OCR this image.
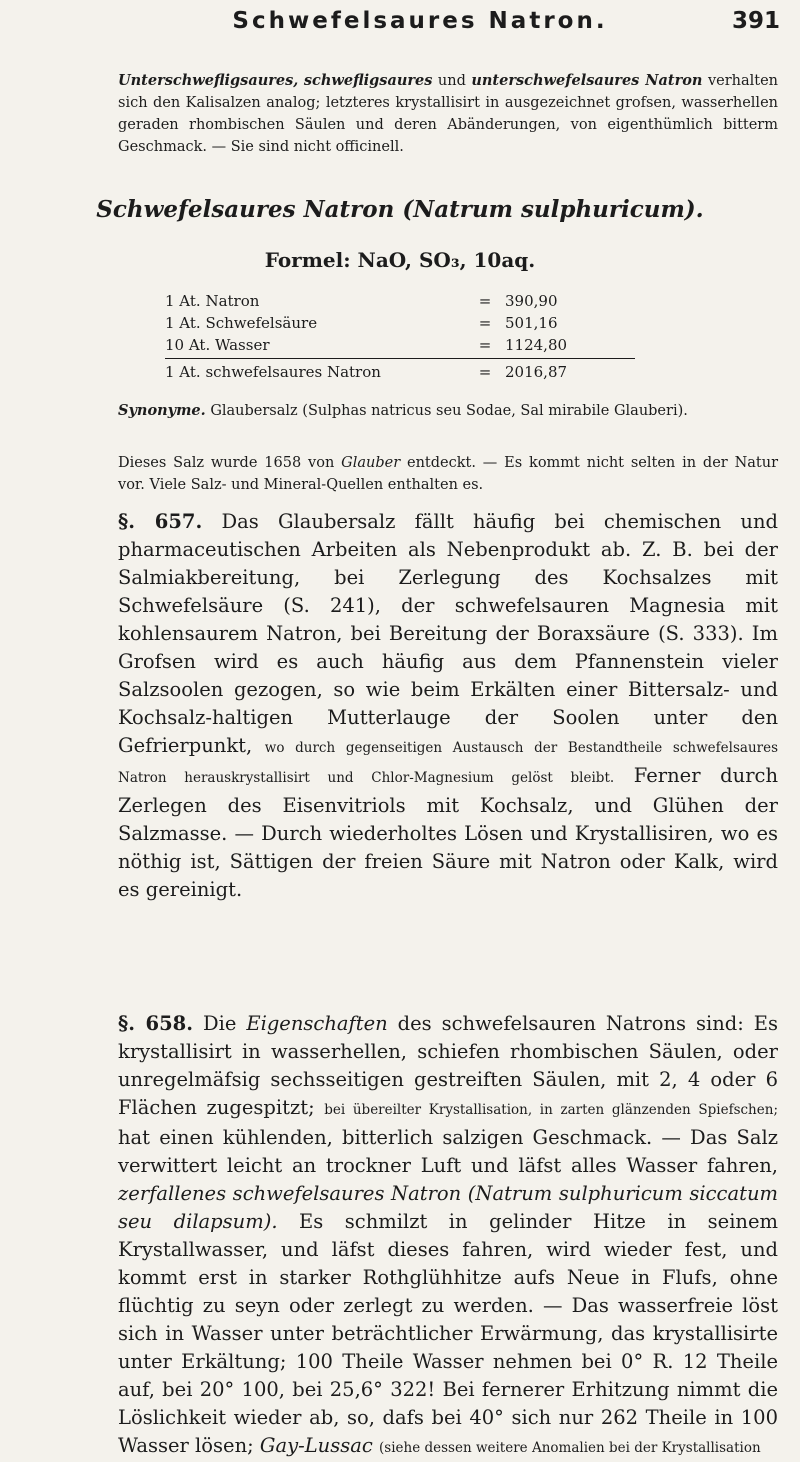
Schwefelsaures Natron.	391
Unterschwefligsaures, schwefligsaures und unterschwefelsaures Natron verhalten sich den Kalisalzen analog; letzteres krystallisirt in ausgezeichnet grofsen, wasserhellen geraden rhombischen Säulen und deren Abänderungen, von eigenthümlich bitterm Geschmack. — Sie sind nicht officinell.
Schwefelsaures Natron (Natrum sulphuricum).
Formel: NaO, SO₃, 10aq.
1 At. Natron	= 390,90
1 At. Schwefelsäure	= 501,16
10 At. Wasser	= 1124,80
1 At. schwefelsaures Natron	= 2016,87
Synonyme. Glaubersalz (Sulphas natricus seu Sodae, Sal mirabile Glauberi).
Dieses Salz wurde 1658 von Glauber entdeckt. — Es kommt nicht selten in der Natur vor. Viele Salz- und Mineral-Quellen enthalten es.
§. 657. Das Glaubersalz fällt häufig bei chemischen und pharmaceutischen Arbeiten als Nebenprodukt ab. Z. B. bei der Salmiakbereitung, bei Zerlegung des Kochsalzes mit Schwefelsäure (S. 241), der schwefelsauren Magnesia mit kohlensaurem Natron, bei Bereitung der Boraxsäure (S. 333). Im Grofsen wird es auch häufig aus dem Pfannenstein vieler Salzsoolen gezogen, so wie beim Erkälten einer Bittersalz- und Kochsalz-haltigen Mutterlauge der Soolen unter den Gefrierpunkt, wo durch gegenseitigen Austausch der Bestandtheile schwefelsaures Natron herauskrystallisirt und Chlor-Magnesium gelöst bleibt. Ferner durch Zerlegen des Eisenvitriols mit Kochsalz, und Glühen der Salzmasse. — Durch wiederholtes Lösen und Krystallisiren, wo es nöthig ist, Sättigen der freien Säure mit Natron oder Kalk, wird es gereinigt.
§. 658. Die Eigenschaften des schwefelsauren Natrons sind: Es krystallisirt in wasserhellen, schiefen rhombischen Säulen, oder unregelmäfsig sechsseitigen gestreiften Säulen, mit 2, 4 oder 6 Flächen zugespitzt; bei übereilter Krystallisation, in zarten glänzenden Spiefschen; hat einen kühlenden, bitterlich salzigen Geschmack. — Das Salz verwittert leicht an trockner Luft und läfst alles Wasser fahren, zerfallenes schwefelsaures Natron (Natrum sulphuricum siccatum seu dilapsum). Es schmilzt in gelinder Hitze in seinem Krystallwasser, und läfst dieses fahren, wird wieder fest, und kommt erst in starker Rothglühhitze aufs Neue in Flufs, ohne flüchtig zu seyn oder zerlegt zu werden. — Das wasserfreie löst sich in Wasser unter beträchtlicher Erwärmung, das krystallisirte unter Erkältung; 100 Theile Wasser nehmen bei 0° R. 12 Theile auf, bei 20° 100, bei 25,6° 322! Bei fernerer Erhitzung nimmt die Löslichkeit wieder ab, so, dafs bei 40° sich nur 262 Theile in 100 Wasser lösen; Gay-Lussac (siehe dessen weitere Anomalien bei der Krystallisation
